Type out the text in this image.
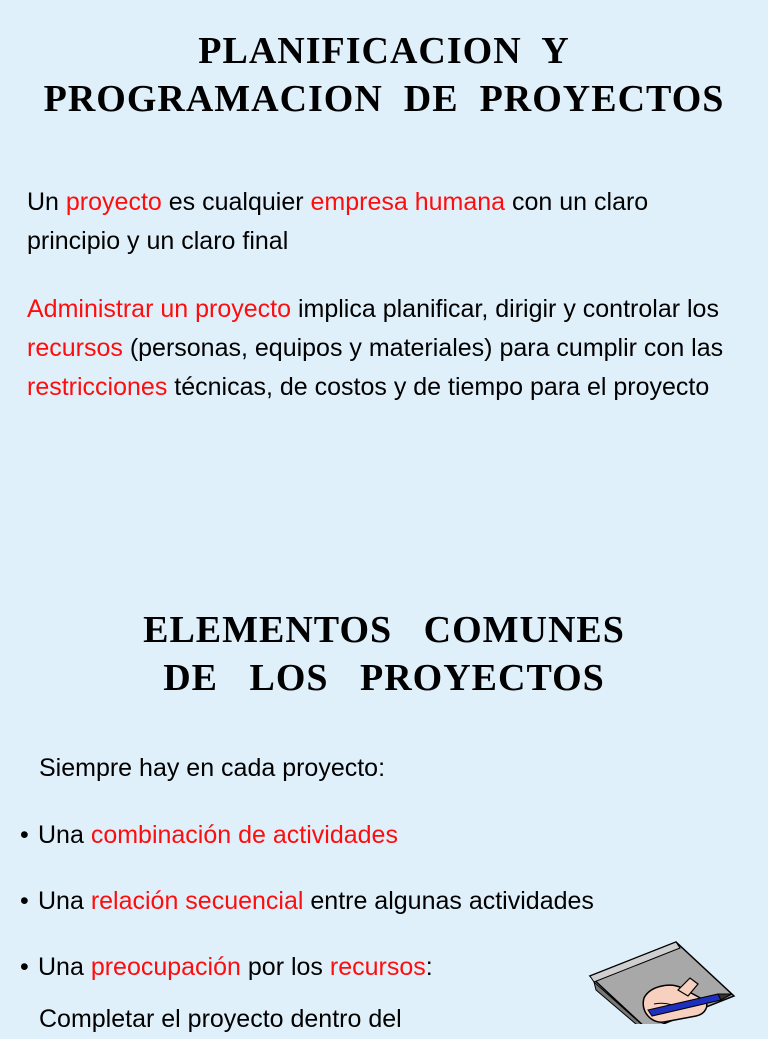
PLANIFICACION  Y
PROGRAMACION  DE  PROYECTOS

Un proyecto es cualquier empresa humana con un claro principio y un claro final

Administrar un proyecto implica planificar, dirigir y controlar los recursos (personas, equipos y materiales) para cumplir con las restricciones técnicas, de costos y de tiempo para el proyecto

ELEMENTOS   COMUNES
DE   LOS   PROYECTOS

Siempre hay en cada proyecto:

• Una combinación de actividades

• Una relación secuencial entre algunas actividades

• Una preocupación por los recursos:

Completar el proyecto dentro del
